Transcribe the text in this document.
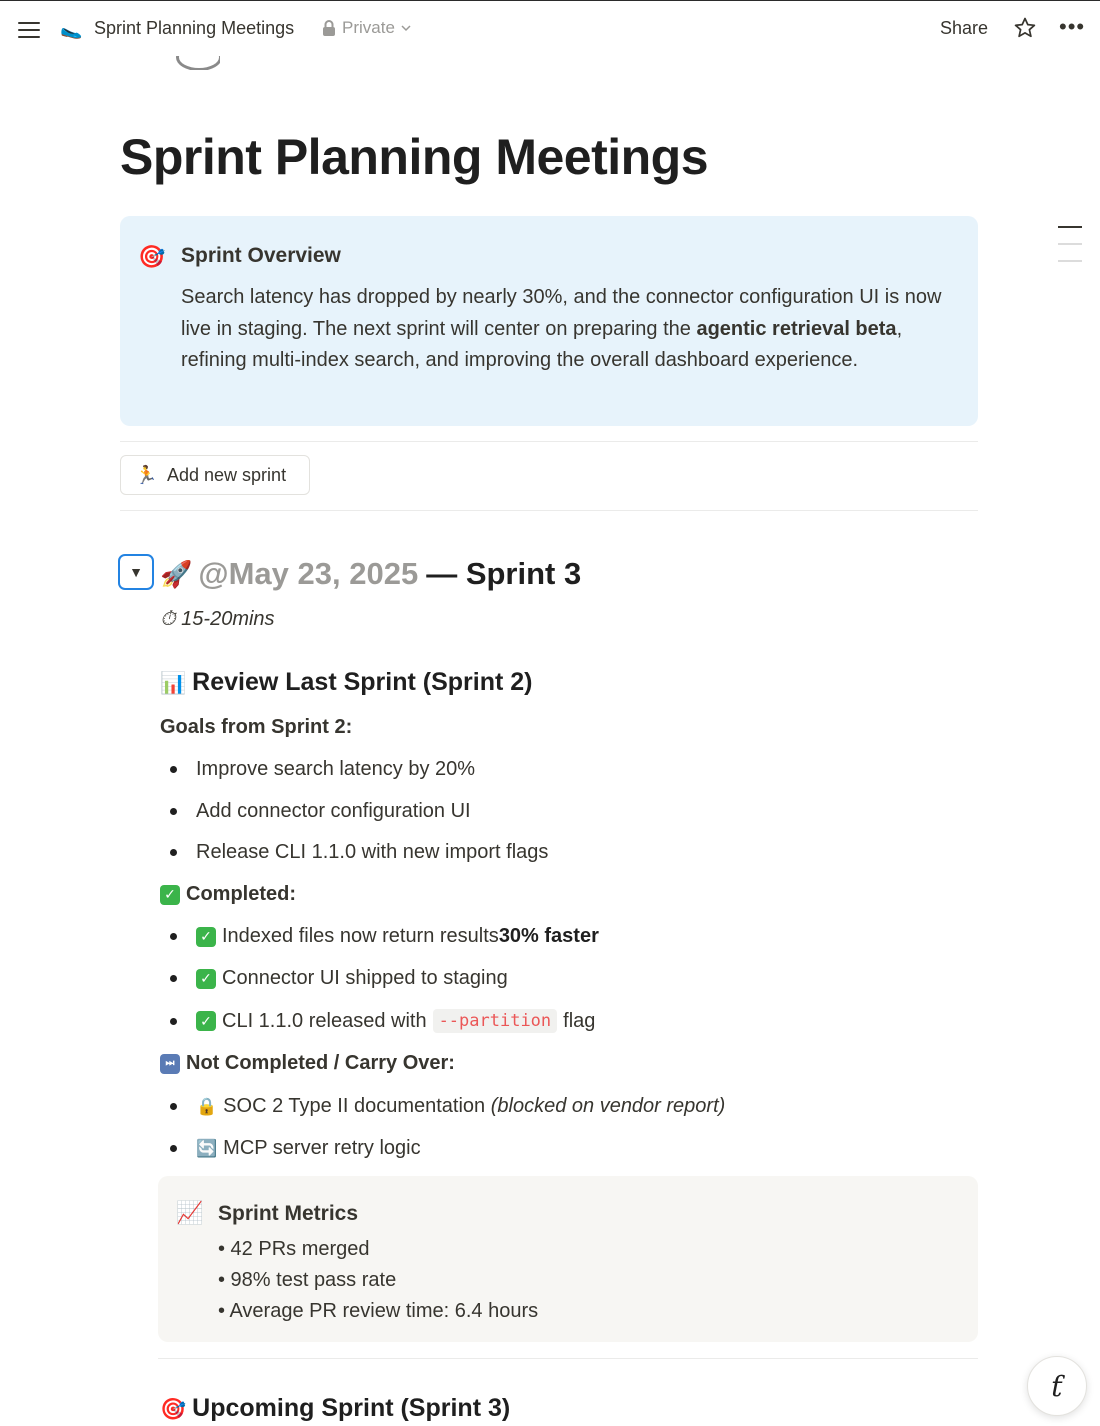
🥿 Sprint Planning Meetings	Private	Share	•••
Sprint Planning Meetings
🎯 Sprint Overview
Search latency has dropped by nearly 30%, and the connector configuration UI is now live in staging. The next sprint will center on preparing the agentic retrieval beta, refining multi-index search, and improving the overall dashboard experience.
🏃 Add new sprint
▼ 🚀 @May 23, 2025 — Sprint 3
⏱ 15-20mins
📊 Review Last Sprint (Sprint 2)
Goals from Sprint 2:
Improve search latency by 20%
Add connector configuration UI
Release CLI 1.1.0 with new import flags
✓ Completed:
✓ Indexed files now return results 30% faster
✓ Connector UI shipped to staging
✓ CLI 1.1.0 released with --partition flag
⏭ Not Completed / Carry Over:
🔒 SOC 2 Type II documentation (blocked on vendor report)
🔄 MCP server retry logic
📈 Sprint Metrics
• 42 PRs merged
• 98% test pass rate
• Average PR review time: 6.4 hours
🎯 Upcoming Sprint (Sprint 3)
ƭ
